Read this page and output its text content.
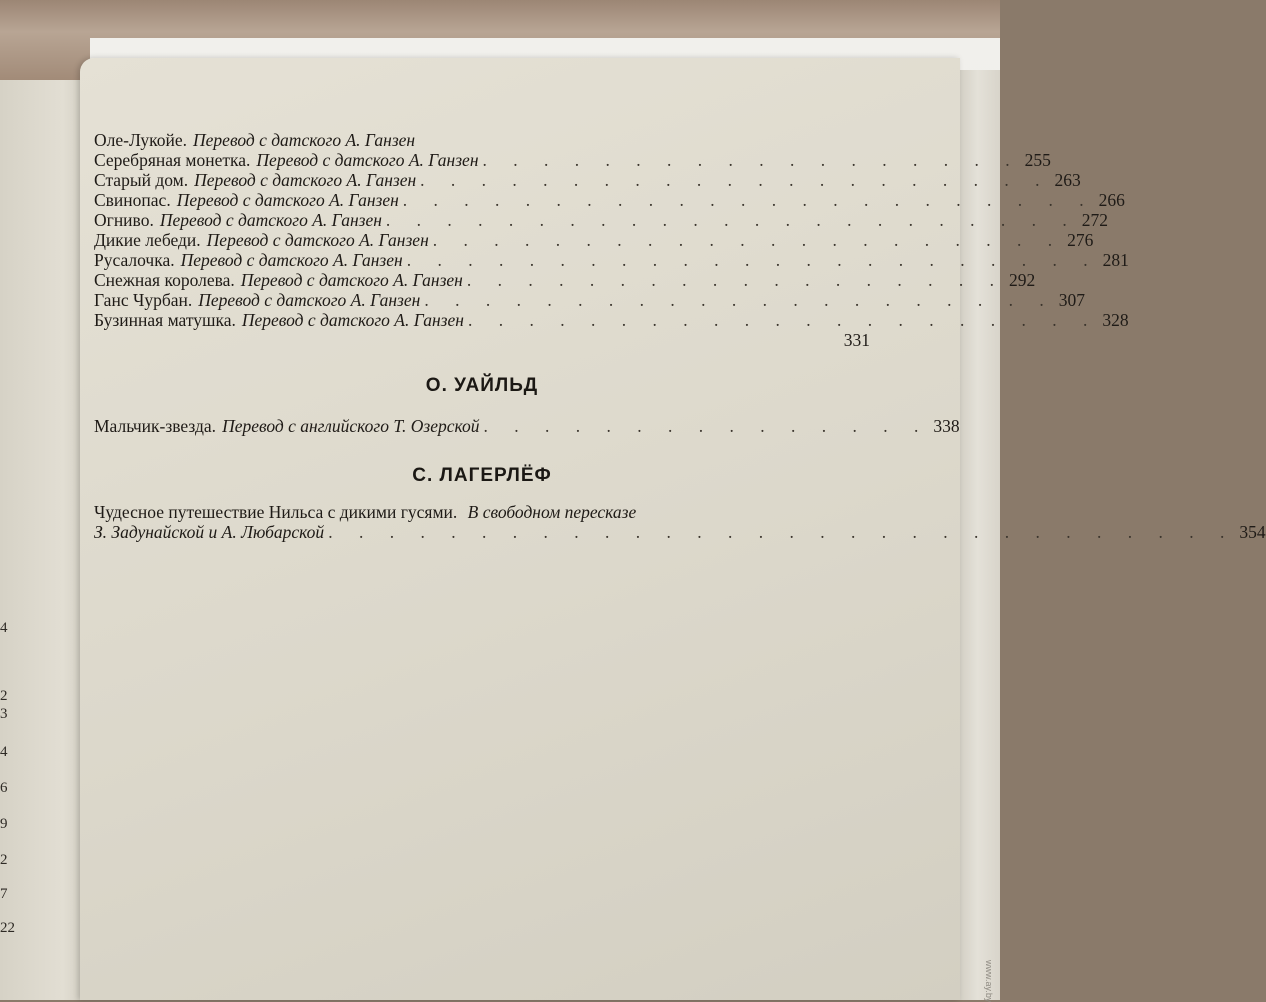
4
2
3
4
6
9
2
7
22
Оле-Лукойе. Перевод с датского А. Ганзен
Серебряная монетка. Перевод с датского А. Ганзен . . . . . . . . . . . . . . . . . . 255
Старый дом. Перевод с датского А. Ганзен . . . . . . . . . . . . . . . . . . . . . 263
Свинопас. Перевод с датского А. Ганзен . . . . . . . . . . . . . . . . . . . . . . . 266
Огниво. Перевод с датского А. Ганзен . . . . . . . . . . . . . . . . . . . . . . . 272
Дикие лебеди. Перевод с датского А. Ганзен . . . . . . . . . . . . . . . . . . . . . 276
Русалочка. Перевод с датского А. Ганзен . . . . . . . . . . . . . . . . . . . . . . . 281
Снежная королева. Перевод с датского А. Ганзен . . . . . . . . . . . . . . . . . . 292
Ганс Чурбан. Перевод с датского А. Ганзен . . . . . . . . . . . . . . . . . . . . . 307
Бузинная матушка. Перевод с датского А. Ганзен . . . . . . . . . . . . . . . . . . . . . 328
331
О. УАЙЛЬД
Мальчик-звезда. Перевод с английского Т. Озерской . . . . . . . . . . . . . . . 338
С. ЛАГЕРЛЁФ
Чудесное путешествие Нильса с дикими гусями. В свободном пересказе
З. Задунайской и А. Любарской . . . . . . . . . . . . . . . . . . . . . . . . . . . . . . 354
www.ay.by
